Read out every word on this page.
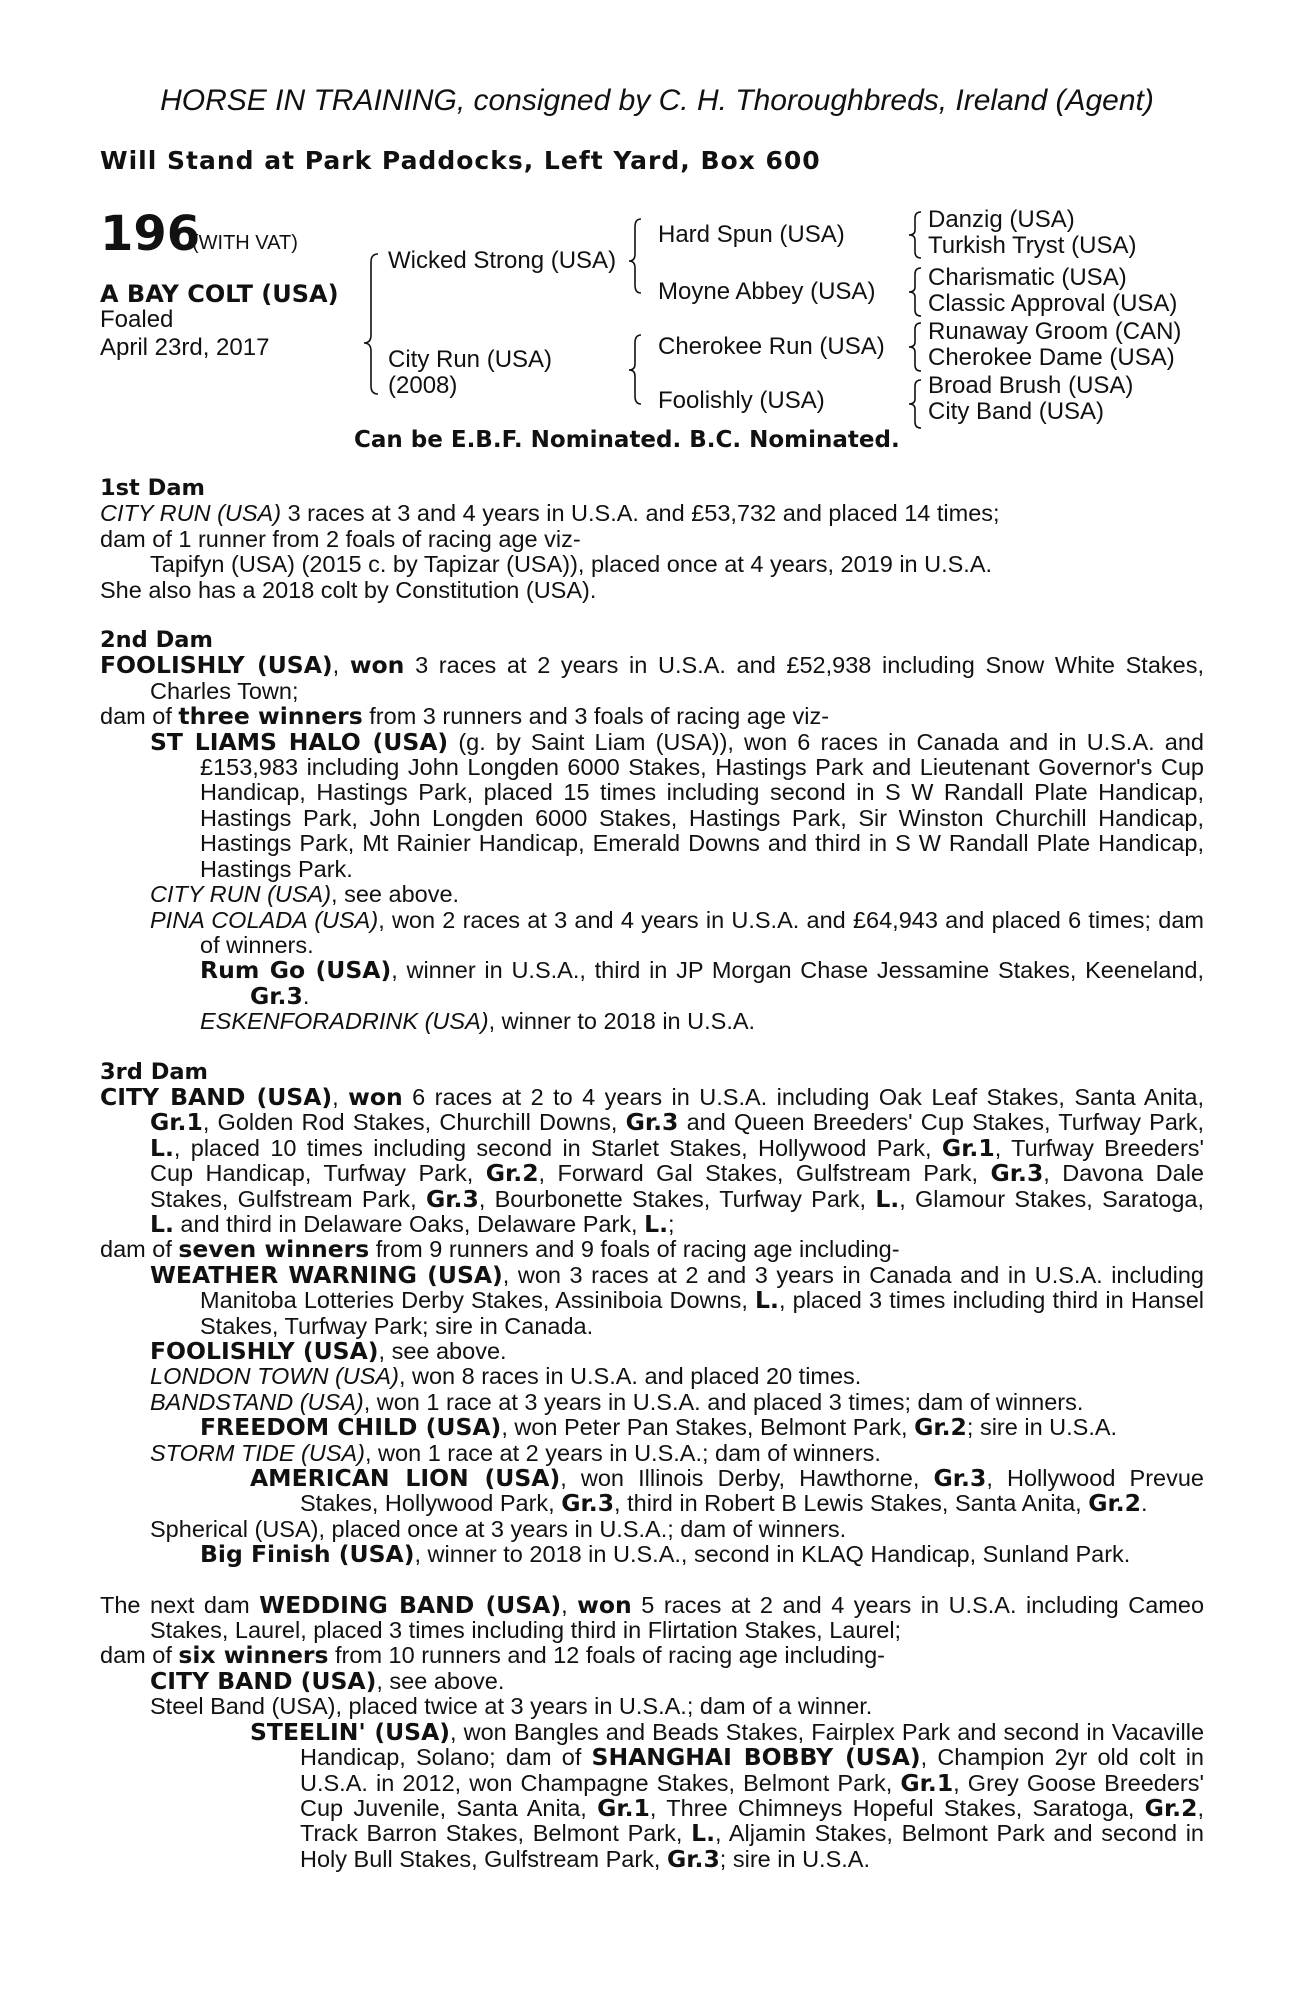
HORSE IN TRAINING, consigned by C. H. Thoroughbreds, Ireland (Agent)
Will Stand at Park Paddocks, Left Yard, Box 600
196
(WITH VAT)
A BAY COLT (USA)
Foaled
April 23rd, 2017
Wicked Strong (USA)
City Run (USA)
(2008)
Hard Spun (USA)
Moyne Abbey (USA)
Cherokee Run (USA)
Foolishly (USA)
Danzig (USA)
Turkish Tryst (USA)
Charismatic (USA)
Classic Approval (USA)
Runaway Groom (CAN)
Cherokee Dame (USA)
Broad Brush (USA)
City Band (USA)
Can be E.B.F. Nominated. B.C. Nominated.

1st Dam

CITY RUN (USA) 3 races at 3 and 4 years in U.S.A. and £53,732 and placed 14 times;

dam of 1 runner from 2 foals of racing age viz-

Tapifyn (USA) (2015 c. by Tapizar (USA)), placed once at 4 years, 2019 in U.S.A.

She also has a 2018 colt by Constitution (USA).

2nd Dam

FOOLISHLY (USA), won 3 races at 2 years in U.S.A. and £52,938 including Snow White Stakes, Charles Town;

dam of three winners from 3 runners and 3 foals of racing age viz-

ST LIAMS HALO (USA) (g. by Saint Liam (USA)), won 6 races in Canada and in U.S.A. and £153,983 including John Longden 6000 Stakes, Hastings Park and Lieutenant Governor's Cup Handicap, Hastings Park, placed 15 times including second in S W Randall Plate Handicap, Hastings Park, John Longden 6000 Stakes, Hastings Park, Sir Winston Churchill Handicap, Hastings Park, Mt Rainier Handicap, Emerald Downs and third in S W Randall Plate Handicap, Hastings Park.

CITY RUN (USA), see above.

PINA COLADA (USA), won 2 races at 3 and 4 years in U.S.A. and £64,943 and placed 6 times; dam of winners.

Rum Go (USA), winner in U.S.A., third in JP Morgan Chase Jessamine Stakes, Keeneland, Gr.3.

ESKENFORADRINK (USA), winner to 2018 in U.S.A.

3rd Dam

CITY BAND (USA), won 6 races at 2 to 4 years in U.S.A. including Oak Leaf Stakes, Santa Anita, Gr.1, Golden Rod Stakes, Churchill Downs, Gr.3 and Queen Breeders' Cup Stakes, Turfway Park, L., placed 10 times including second in Starlet Stakes, Hollywood Park, Gr.1, Turfway Breeders' Cup Handicap, Turfway Park, Gr.2, Forward Gal Stakes, Gulfstream Park, Gr.3, Davona Dale Stakes, Gulfstream Park, Gr.3, Bourbonette Stakes, Turfway Park, L., Glamour Stakes, Saratoga, L. and third in Delaware Oaks, Delaware Park, L.;

dam of seven winners from 9 runners and 9 foals of racing age including-

WEATHER WARNING (USA), won 3 races at 2 and 3 years in Canada and in U.S.A. including Manitoba Lotteries Derby Stakes, Assiniboia Downs, L., placed 3 times including third in Hansel Stakes, Turfway Park; sire in Canada.

FOOLISHLY (USA), see above.

LONDON TOWN (USA), won 8 races in U.S.A. and placed 20 times.

BANDSTAND (USA), won 1 race at 3 years in U.S.A. and placed 3 times; dam of winners.

FREEDOM CHILD (USA), won Peter Pan Stakes, Belmont Park, Gr.2; sire in U.S.A.

STORM TIDE (USA), won 1 race at 2 years in U.S.A.; dam of winners.

AMERICAN LION (USA), won Illinois Derby, Hawthorne, Gr.3, Hollywood Prevue Stakes, Hollywood Park, Gr.3, third in Robert B Lewis Stakes, Santa Anita, Gr.2.

Spherical (USA), placed once at 3 years in U.S.A.; dam of winners.

Big Finish (USA), winner to 2018 in U.S.A., second in KLAQ Handicap, Sunland Park.

The next dam WEDDING BAND (USA), won 5 races at 2 and 4 years in U.S.A. including Cameo Stakes, Laurel, placed 3 times including third in Flirtation Stakes, Laurel;

dam of six winners from 10 runners and 12 foals of racing age including-

CITY BAND (USA), see above.

Steel Band (USA), placed twice at 3 years in U.S.A.; dam of a winner.

STEELIN' (USA), won Bangles and Beads Stakes, Fairplex Park and second in Vacaville Handicap, Solano; dam of SHANGHAI BOBBY (USA), Champion 2yr old colt in U.S.A. in 2012, won Champagne Stakes, Belmont Park, Gr.1, Grey Goose Breeders' Cup Juvenile, Santa Anita, Gr.1, Three Chimneys Hopeful Stakes, Saratoga, Gr.2, Track Barron Stakes, Belmont Park, L., Aljamin Stakes, Belmont Park and second in Holy Bull Stakes, Gulfstream Park, Gr.3; sire in U.S.A.
